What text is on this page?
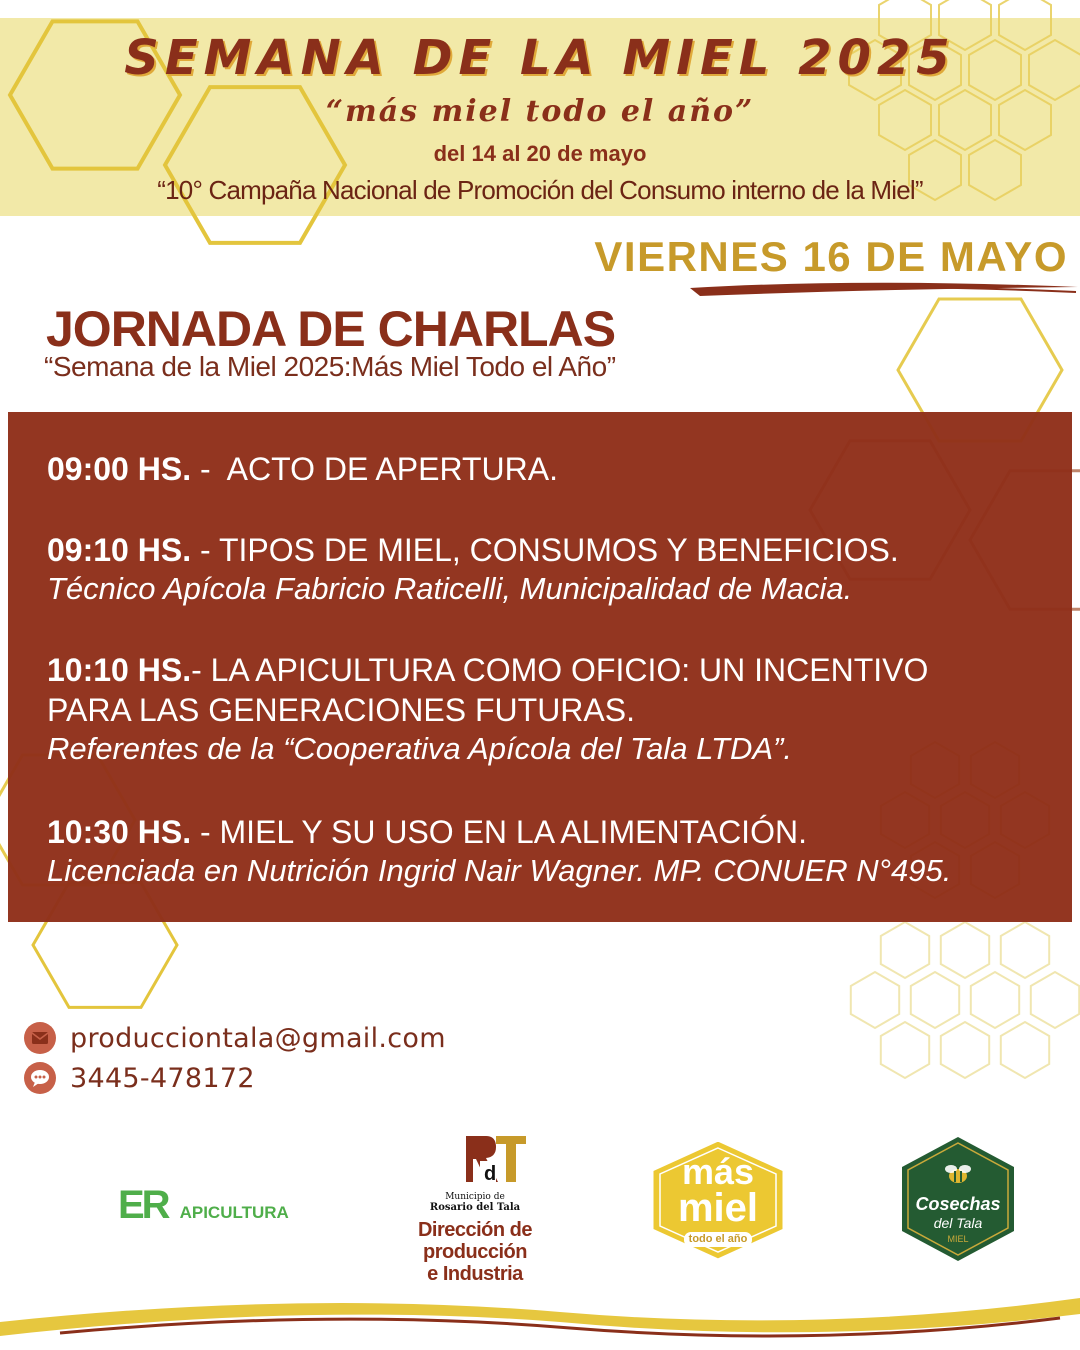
SEMANA DE LA MIEL 2025
“más miel todo el año”
del 14 al 20 de mayo
“10° Campaña Nacional de Promoción del Consumo interno de la Miel”
VIERNES 16 DE MAYO
JORNADA DE CHARLAS
“Semana de la Miel 2025:Más Miel Todo el Año”
09:00 HS. -  ACTO DE APERTURA.
09:10 HS. - TIPOS DE MIEL, CONSUMOS Y BENEFICIOS.
Técnico Apícola Fabricio Raticelli, Municipalidad de Macia.
10:10 HS.- LA APICULTURA COMO OFICIO: UN INCENTIVO
PARA LAS GENERACIONES FUTURAS.
Referentes de la “Cooperativa Apícola del Tala LTDA”.
10:30 HS. - MIEL Y SU USO EN LA ALIMENTACIÓN.
Licenciada en Nutrición Ingrid Nair Wagner. MP. CONUER N°495.
producciontala@gmail.com
3445-478172
ER APICULTURA
d
Municipio de
Rosario del Tala
Dirección de producción
e Industria
más
miel
todo el año
Cosechas
del Tala
MIEL
